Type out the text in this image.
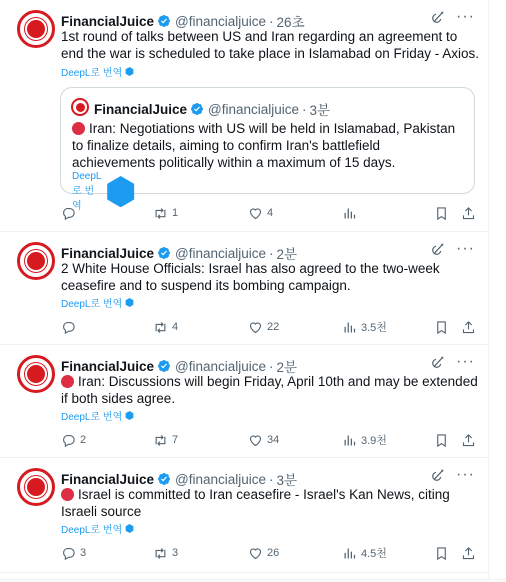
FinancialJuice @financialjuice · 26초	···
1st round of talks between US and Iran regarding an agreement to end the war is scheduled to take place in Islamabad on Friday - Axios.
DeepL로 번역
FinancialJuice @financialjuice · 3분
Iran: Negotiations with US will be held in Islamabad, Pakistan to finalize details, aiming to confirm Iran's battlefield achievements politically within a maximum of 15 days.
DeepL로 번역
1	4
FinancialJuice @financialjuice · 2분	···
2 White House Officials: Israel has also agreed to the two-week ceasefire and to suspend its bombing campaign.
DeepL로 번역
4	22	3.5천
FinancialJuice @financialjuice · 2분	···
Iran: Discussions will begin Friday, April 10th and may be extended if both sides agree.
DeepL로 번역
2	7	34	3.9천
FinancialJuice @financialjuice · 3분	···
Israel is committed to Iran ceasefire - Israel's Kan News, citing Israeli source
DeepL로 번역
3	3	26	4.5천
